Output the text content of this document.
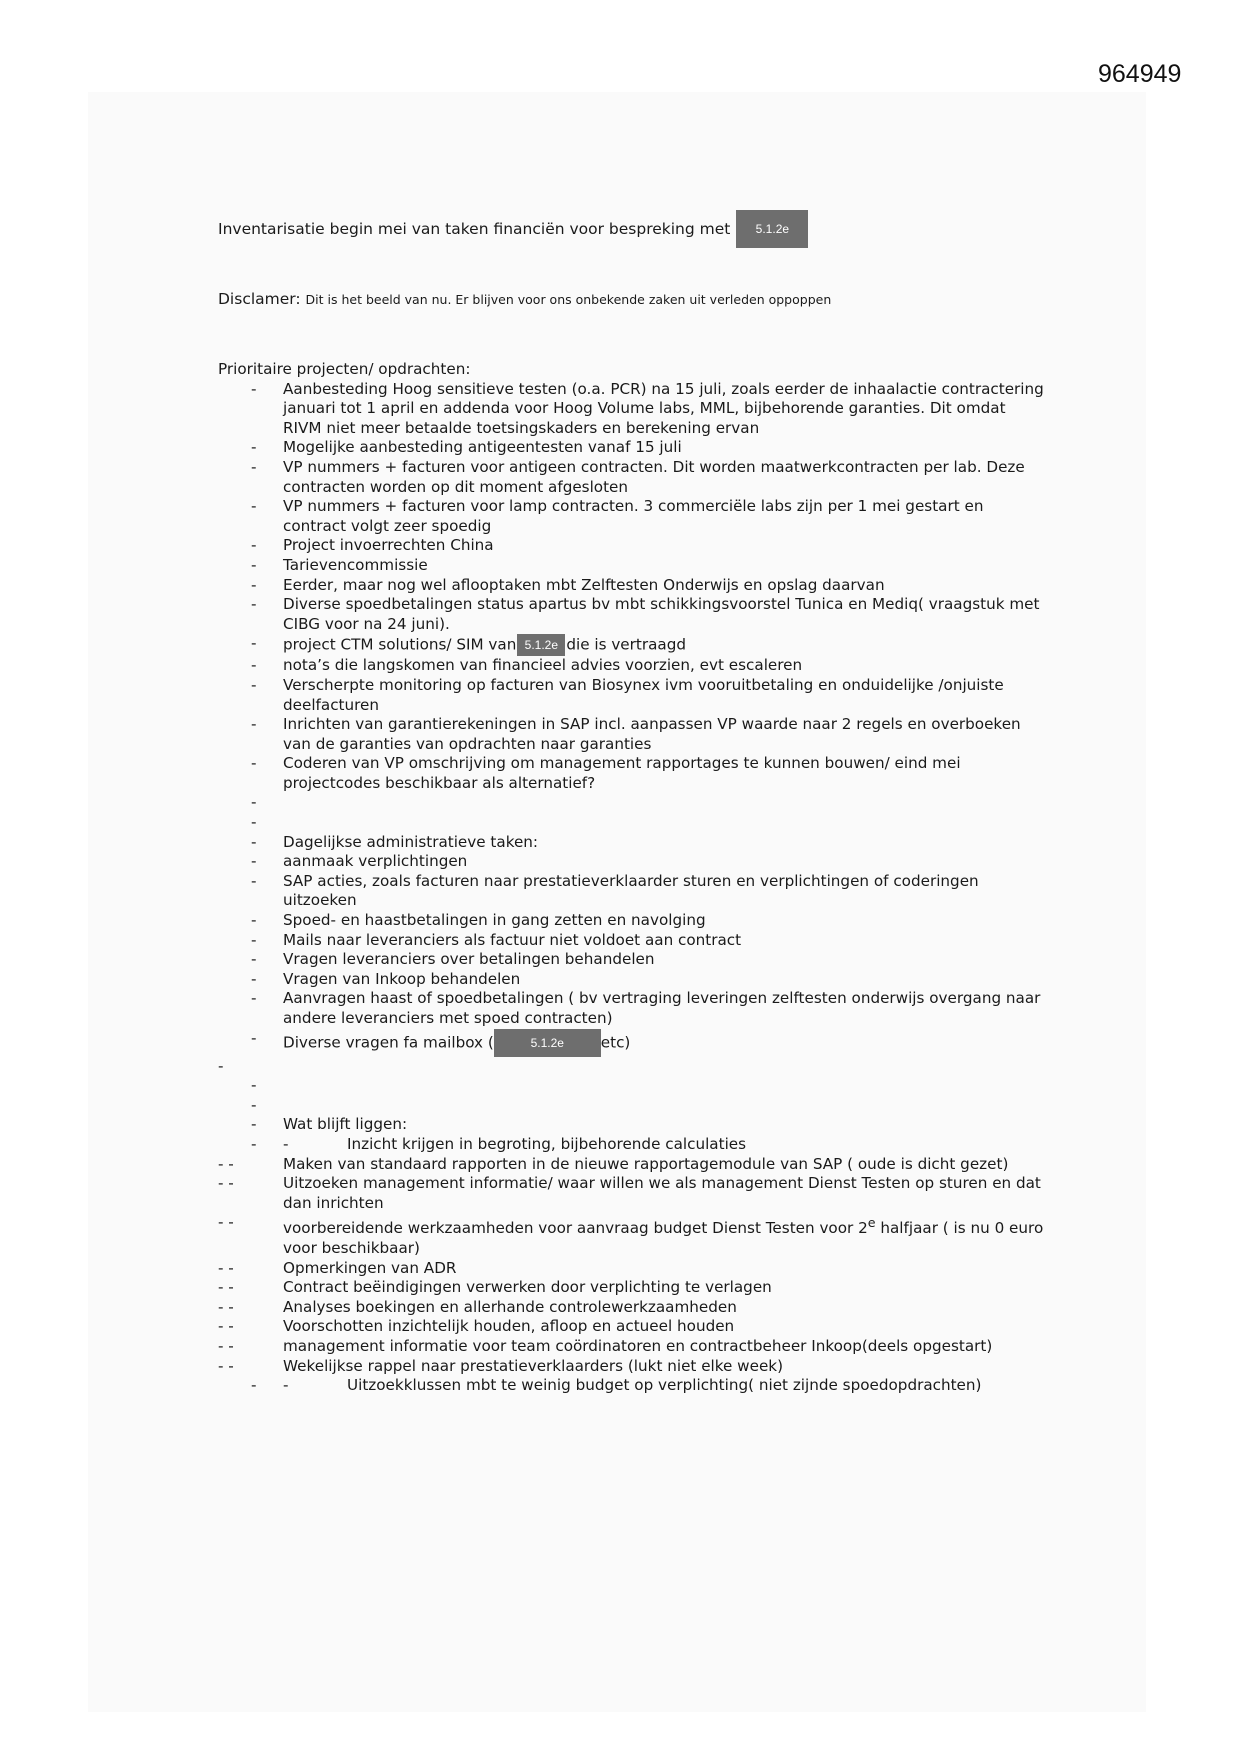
964949
Inventarisatie begin mei van taken financiën voor bespreking met	5.1.2e
Disclamer: Dit is het beeld van nu. Er blijven voor ons onbekende zaken uit verleden oppoppen
Prioritaire projecten/ opdrachten:
- Aanbesteding Hoog sensitieve testen (o.a. PCR) na 15 juli, zoals eerder de inhaalactie contractering januari tot 1 april en addenda voor Hoog Volume labs, MML, bijbehorende garanties. Dit omdat RIVM niet meer betaalde toetsingskaders en berekening ervan
- Mogelijke aanbesteding antigeentesten vanaf 15 juli
- VP nummers + facturen voor antigeen contracten. Dit worden maatwerkcontracten per lab. Deze contracten worden op dit moment afgesloten
- VP nummers + facturen voor lamp contracten. 3 commerciële labs zijn per 1 mei gestart en contract volgt zeer spoedig
- Project invoerrechten China
- Tarievencommissie
- Eerder, maar nog wel aflooptaken mbt Zelftesten Onderwijs en opslag daarvan
- Diverse spoedbetalingen status apartus bv mbt schikkingsvoorstel Tunica en Mediq( vraagstuk met CIBG voor na 24 juni).
- project CTM solutions/ SIM van 5.1.2e die is vertraagd
- nota’s die langskomen van financieel advies voorzien, evt escaleren
- Verscherpte monitoring op facturen van Biosynex ivm vooruitbetaling en onduidelijke /onjuiste deelfacturen
- Inrichten van garantierekeningen in SAP incl. aanpassen VP waarde naar 2 regels en overboeken van de garanties van opdrachten naar garanties
- Coderen van VP omschrijving om management rapportages te kunnen bouwen/ eind mei projectcodes beschikbaar als alternatief?
-

-

- Dagelijkse administratieve taken:
- aanmaak verplichtingen
- SAP acties, zoals facturen naar prestatieverklaarder sturen en verplichtingen of coderingen uitzoeken
- Spoed- en haastbetalingen in gang zetten en navolging
- Mails naar leveranciers als factuur niet voldoet aan contract
- Vragen leveranciers over betalingen behandelen
- Vragen van Inkoop behandelen
- Aanvragen haast of spoedbetalingen ( bv vertraging leveringen zelftesten onderwijs overgang naar andere leveranciers met spoed contracten)
- Diverse vragen fa mailbox (	5.1.2e etc)
-

-

-

- Wat blijft liggen:
- -	Inzicht krijgen in begroting, bijbehorende calculaties
- -	Maken van standaard rapporten in de nieuwe rapportagemodule van SAP ( oude is dicht gezet)
- -	Uitzoeken management informatie/ waar willen we als management Dienst Testen op sturen en dat dan inrichten
- -	voorbereidende werkzaamheden voor aanvraag budget Dienst Testen voor 2e halfjaar ( is nu 0 euro voor beschikbaar)
- -	Opmerkingen van ADR
- -	Contract beëindigingen verwerken door verplichting te verlagen
- -	Analyses boekingen en allerhande controlewerkzaamheden
- -	Voorschotten inzichtelijk houden, afloop en actueel houden
- -	management informatie voor team coördinatoren en contractbeheer Inkoop(deels opgestart)
- -	Wekelijkse rappel naar prestatieverklaarders (lukt niet elke week)
- -	Uitzoekklussen mbt te weinig budget op verplichting( niet zijnde spoedopdrachten)
